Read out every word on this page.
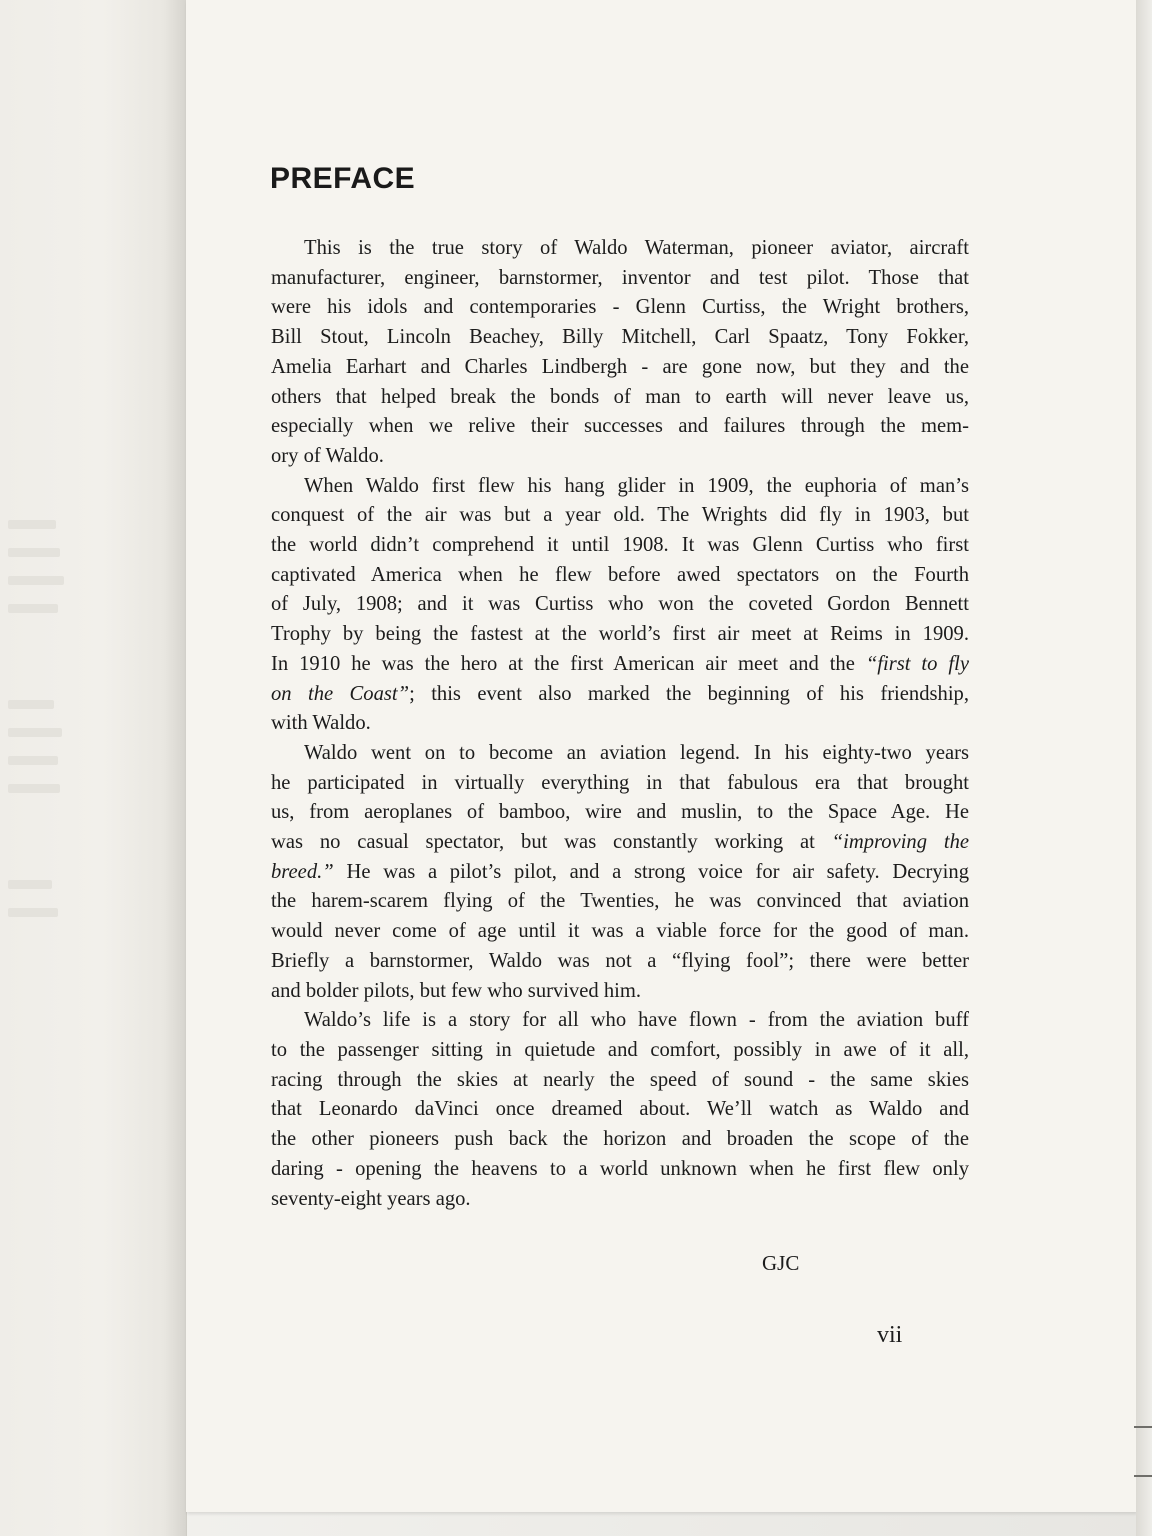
PREFACE
This is the true story of Waldo Waterman, pioneer aviator, aircraft
manufacturer, engineer, barnstormer, inventor and test pilot. Those that
were his idols and contemporaries - Glenn Curtiss, the Wright brothers,
Bill Stout, Lincoln Beachey, Billy Mitchell, Carl Spaatz, Tony Fokker,
Amelia Earhart and Charles Lindbergh - are gone now, but they and the
others that helped break the bonds of man to earth will never leave us,
especially when we relive their successes and failures through the mem-
ory of Waldo.
When Waldo first flew his hang glider in 1909, the euphoria of man’s
conquest of the air was but a year old. The Wrights did fly in 1903, but
the world didn’t comprehend it until 1908. It was Glenn Curtiss who first
captivated America when he flew before awed spectators on the Fourth
of July, 1908; and it was Curtiss who won the coveted Gordon Bennett
Trophy by being the fastest at the world’s first air meet at Reims in 1909.
In 1910 he was the hero at the first American air meet and the “first to fly
on the Coast”; this event also marked the beginning of his friendship,
with Waldo.
Waldo went on to become an aviation legend. In his eighty-two years
he participated in virtually everything in that fabulous era that brought
us, from aeroplanes of bamboo, wire and muslin, to the Space Age. He
was no casual spectator, but was constantly working at “improving the
breed.” He was a pilot’s pilot, and a strong voice for air safety. Decrying
the harem-scarem flying of the Twenties, he was convinced that aviation
would never come of age until it was a viable force for the good of man.
Briefly a barnstormer, Waldo was not a “flying fool”; there were better
and bolder pilots, but few who survived him.
Waldo’s life is a story for all who have flown - from the aviation buff
to the passenger sitting in quietude and comfort, possibly in awe of it all,
racing through the skies at nearly the speed of sound - the same skies
that Leonardo daVinci once dreamed about. We’ll watch as Waldo and
the other pioneers push back the horizon and broaden the scope of the
daring - opening the heavens to a world unknown when he first flew only
seventy-eight years ago.
GJC
vii
